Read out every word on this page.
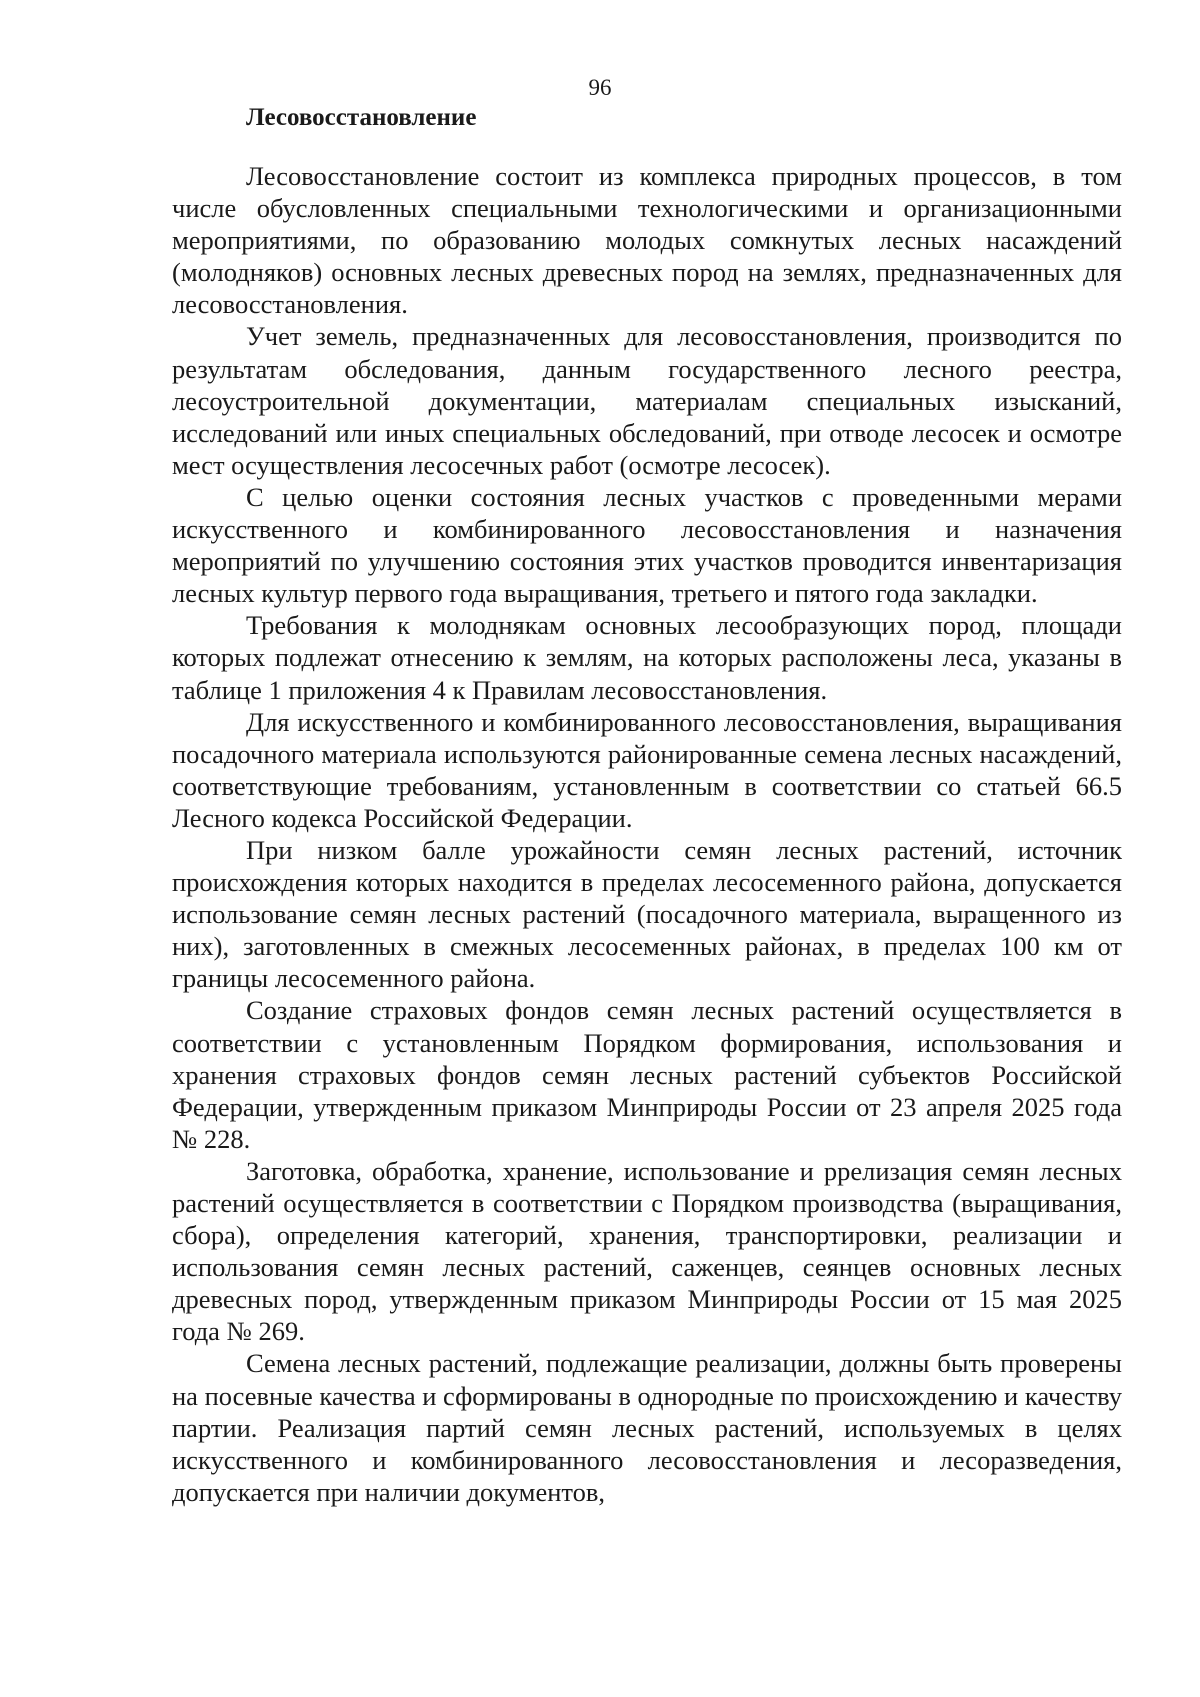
96
Лесовосстановление

Лесовосстановление состоит из комплекса природных процессов, в том числе обусловленных специальными технологическими и организационными мероприятиями, по образованию молодых сомкнутых лесных насаждений (молодняков) основных лесных древесных пород на землях, предназначенных для лесовосстановления.

Учет земель, предназначенных для лесовосстановления, производится по результатам обследования, данным государственного лесного реестра, лесоустроительной документации, материалам специальных изысканий, исследований или иных специальных обследований, при отводе лесосек и осмотре мест осуществления лесосечных работ (осмотре лесосек).

С целью оценки состояния лесных участков с проведенными мерами искусственного и комбинированного лесовосстановления и назначения мероприятий по улучшению состояния этих участков проводится инвентаризация лесных культур первого года выращивания, третьего и пятого года закладки.

Требования к молоднякам основных лесообразующих пород, площади которых подлежат отнесению к землям, на которых расположены леса, указаны в таблице 1 приложения 4 к Правилам лесовосстановления.

Для искусственного и комбинированного лесовосстановления, выращивания посадочного материала используются районированные семена лесных насаждений, соответствующие требованиям, установленным в соответствии со статьей 66.5 Лесного кодекса Российской Федерации.

При низком балле урожайности семян лесных растений, источник происхождения которых находится в пределах лесосеменного района, допускается использование семян лесных растений (посадочного материала, выращенного из них), заготовленных в смежных лесосеменных районах, в пределах 100 км от границы лесосеменного района.

Создание страховых фондов семян лесных растений осуществляется в соответствии с установленным Порядком формирования, использования и хранения страховых фондов семян лесных растений субъектов Российской Федерации, утвержденным приказом Минприроды России от 23 апреля 2025 года № 228.

Заготовка, обработка, хранение, использование и ррелизация семян лесных растений осуществляется в соответствии с Порядком производства (выращивания, сбора), определения категорий, хранения, транспортировки, реализации и использования семян лесных растений, саженцев, сеянцев основных лесных древесных пород, утвержденным приказом Минприроды России от 15 мая 2025 года № 269.

Семена лесных растений, подлежащие реализации, должны быть проверены на посевные качества и сформированы в однородные по происхождению и качеству партии. Реализация партий семян лесных растений, используемых в целях искусственного и комбинированного лесовосстановления и лесоразведения, допускается при наличии документов,
